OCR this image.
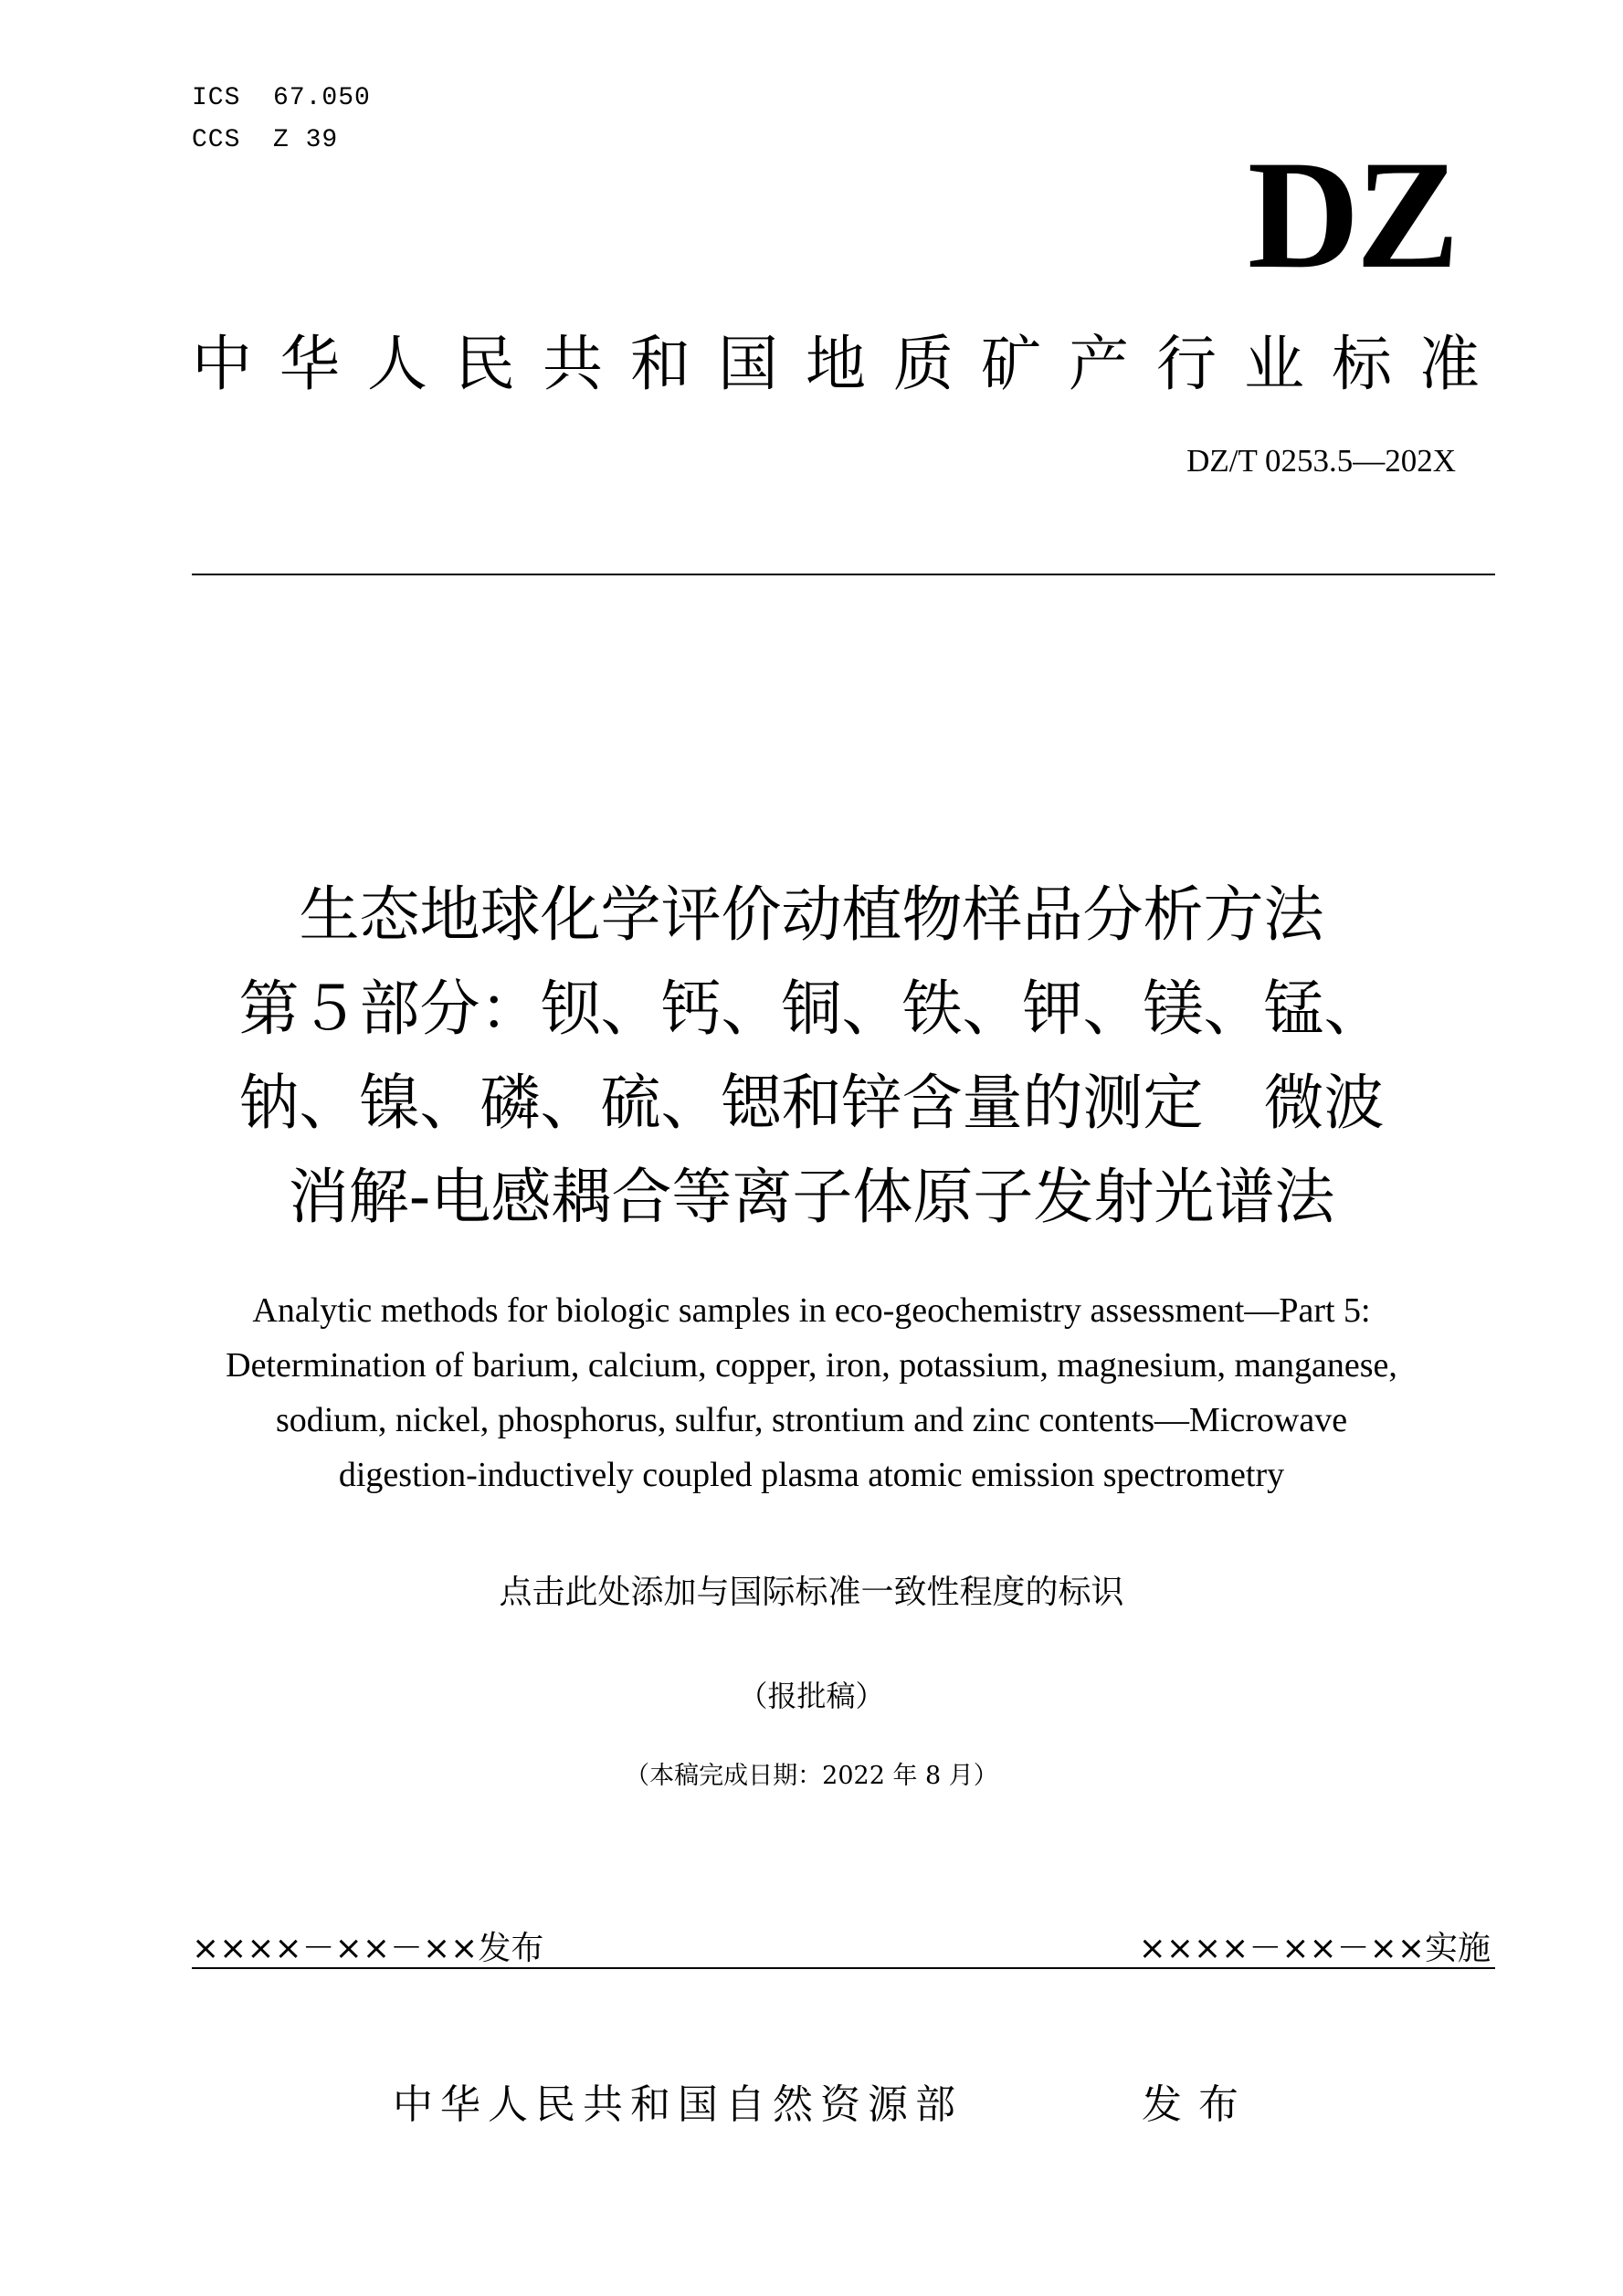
ICS  67.050
CCS  Z 39	DZ
中华人民共和国地质矿产行业标准
DZ/T 0253.5—202X
生态地球化学评价动植物样品分析方法
第５部分：钡、钙、铜、铁、钾、镁、锰、
钠、镍、磷、硫、锶和锌含量的测定　微波
消解-电感耦合等离子体原子发射光谱法
Analytic methods for biologic samples in eco-geochemistry assessment—Part 5:
Determination of barium, calcium, copper, iron, potassium, magnesium, manganese,
sodium, nickel, phosphorus, sulfur, strontium and zinc contents—Microwave
digestion-inductively coupled plasma atomic emission spectrometry
点击此处添加与国际标准一致性程度的标识
（报批稿）
（本稿完成日期：2022 年 8 月）
××××－××－××发布	××××－××－××实施
中华人民共和国自然资源部	发布
